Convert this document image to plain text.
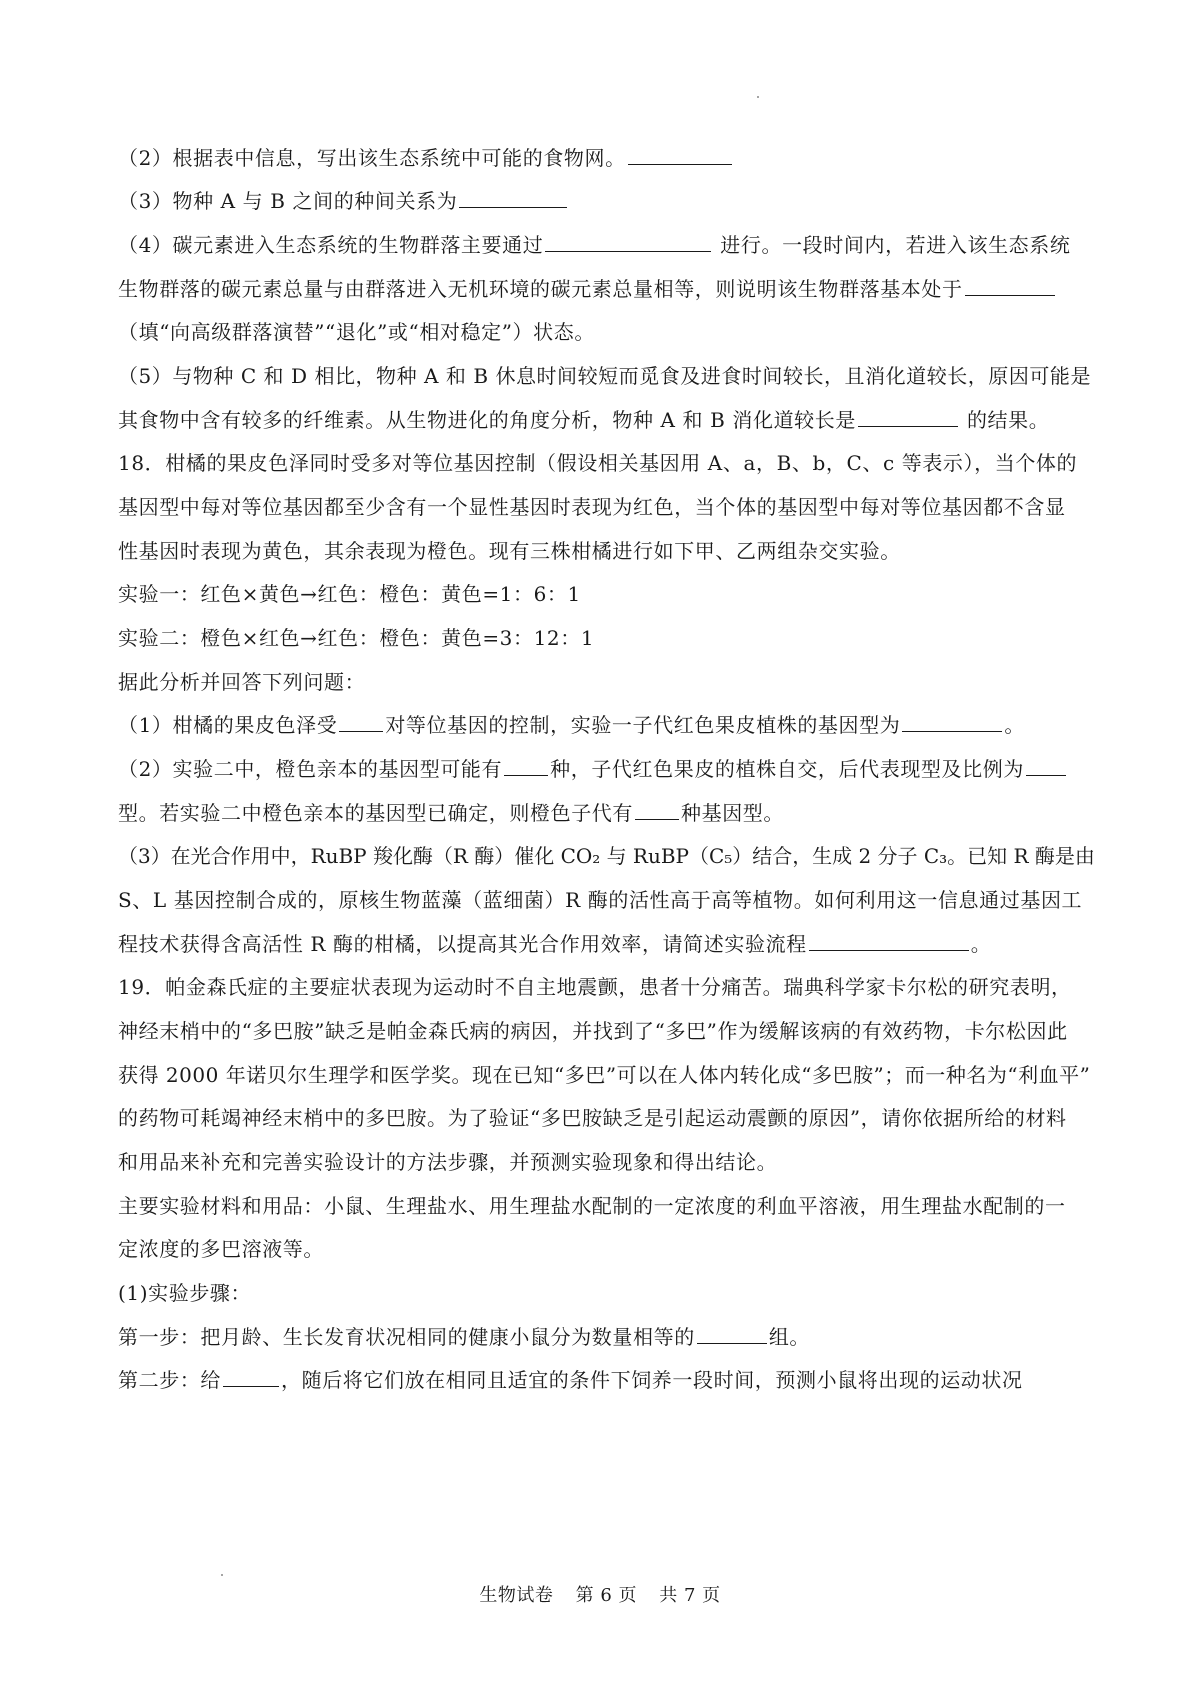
（2）根据表中信息，写出该生态系统中可能的食物网。
（3）物种 A 与 B 之间的种间关系为
（4）碳元素进入生态系统的生物群落主要通过	进行。一段时间内，若进入该生态系统
生物群落的碳元素总量与由群落进入无机环境的碳元素总量相等，则说明该生物群落基本处于
（填“向高级群落演替”“退化”或“相对稳定”）状态。
（5）与物种 C 和 D 相比，物种 A 和 B 休息时间较短而觅食及进食时间较长，且消化道较长，原因可能是
其食物中含有较多的纤维素。从生物进化的角度分析，物种 A 和 B 消化道较长是	的结果。
18．柑橘的果皮色泽同时受多对等位基因控制（假设相关基因用 A、a，B、b，C、c 等表示），当个体的
基因型中每对等位基因都至少含有一个显性基因时表现为红色，当个体的基因型中每对等位基因都不含显
性基因时表现为黄色，其余表现为橙色。现有三株柑橘进行如下甲、乙两组杂交实验。
实验一：红色×黄色→红色：橙色：黄色=1：6：1
实验二：橙色×红色→红色：橙色：黄色=3：12：1
据此分析并回答下列问题：
（1）柑橘的果皮色泽受 对等位基因的控制，实验一子代红色果皮植株的基因型为	。
（2）实验二中，橙色亲本的基因型可能有 种，子代红色果皮的植株自交，后代表现型及比例为
型。若实验二中橙色亲本的基因型已确定，则橙色子代有 种基因型。
（3）在光合作用中，RuBP 羧化酶（R 酶）催化 CO₂ 与 RuBP（C₅）结合，生成 2 分子 C₃。已知 R 酶是由
S、L 基因控制合成的，原核生物蓝藻（蓝细菌）R 酶的活性高于高等植物。如何利用这一信息通过基因工
程技术获得含高活性 R 酶的柑橘，以提高其光合作用效率，请简述实验流程	。
19．帕金森氏症的主要症状表现为运动时不自主地震颤，患者十分痛苦。瑞典科学家卡尔松的研究表明，
神经末梢中的“多巴胺”缺乏是帕金森氏病的病因，并找到了“多巴”作为缓解该病的有效药物，卡尔松因此
获得 2000 年诺贝尔生理学和医学奖。现在已知“多巴”可以在人体内转化成“多巴胺”；而一种名为“利血平”
的药物可耗竭神经末梢中的多巴胺。为了验证“多巴胺缺乏是引起运动震颤的原因”，请你依据所给的材料
和用品来补充和完善实验设计的方法步骤，并预测实验现象和得出结论。
主要实验材料和用品：小鼠、生理盐水、用生理盐水配制的一定浓度的利血平溶液，用生理盐水配制的一
定浓度的多巴溶液等。
(1)实验步骤：
第一步：把月龄、生长发育状况相同的健康小鼠分为数量相等的	组。
第二步：给	，随后将它们放在相同且适宜的条件下饲养一段时间，预测小鼠将出现的运动状况
生物试卷 第 6 页 共 7 页
